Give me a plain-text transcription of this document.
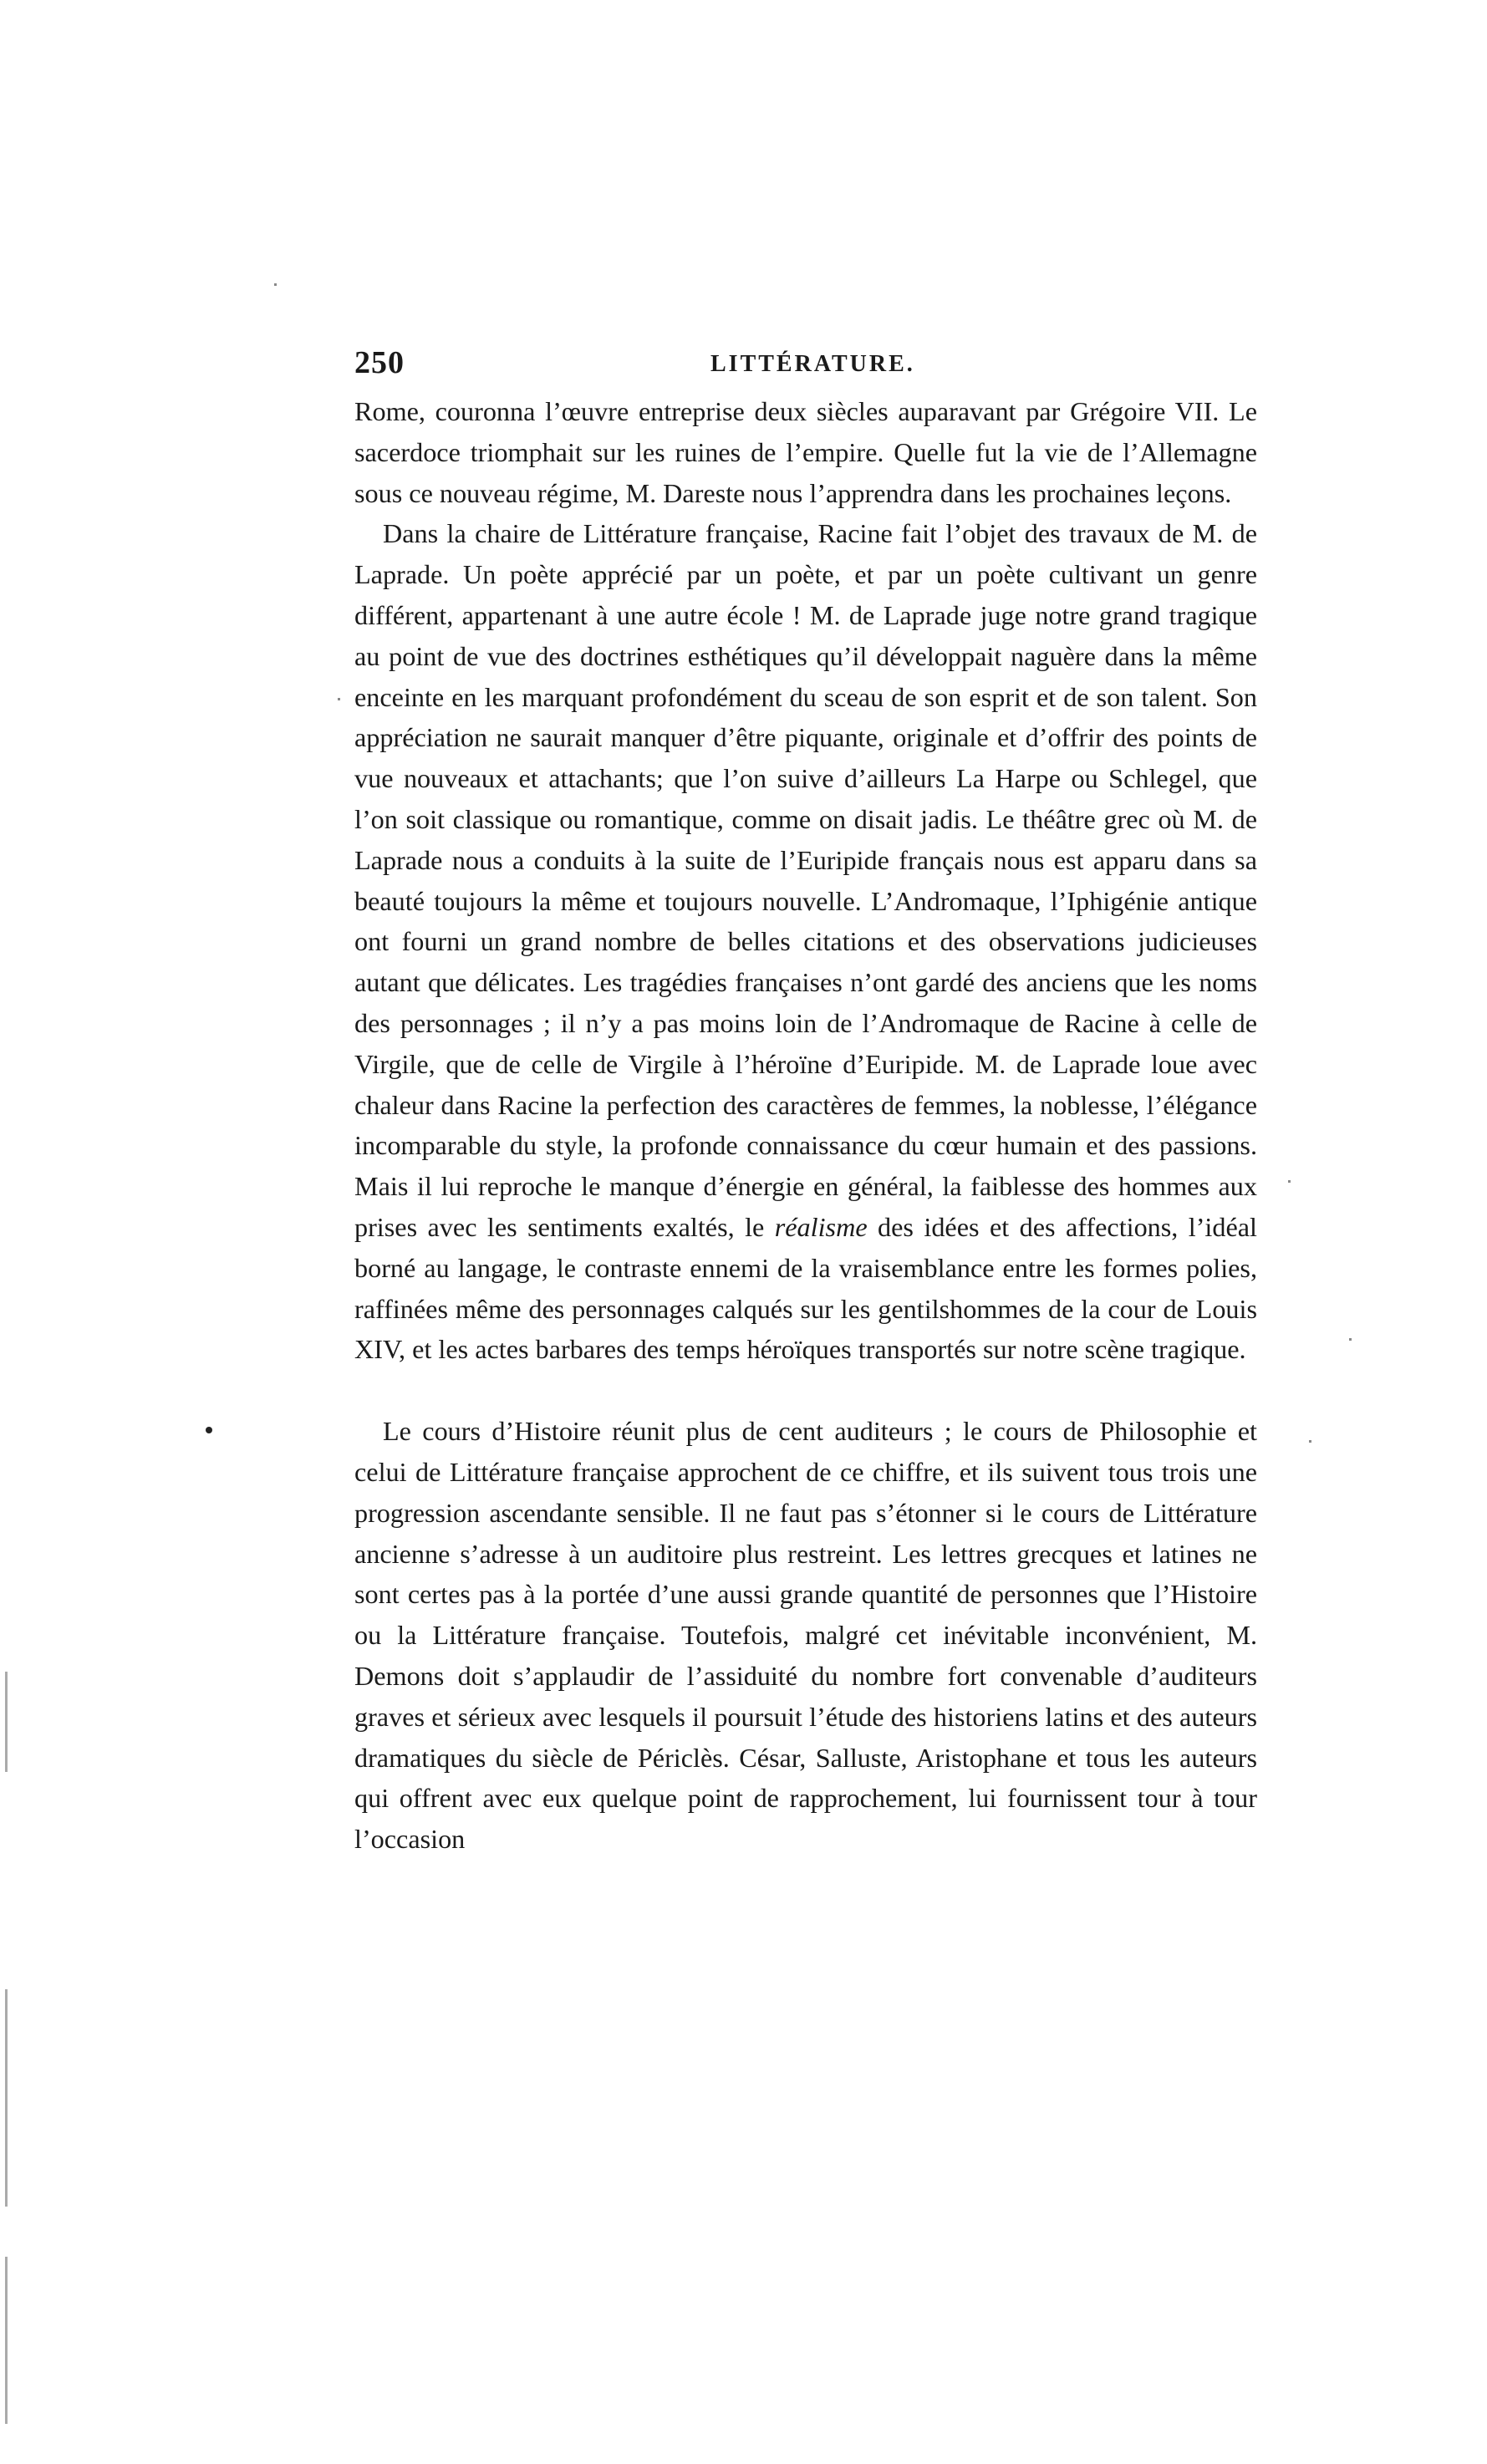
250	LITTÉRATURE.

Rome, couronna l’œuvre entreprise deux siècles auparavant par Grégoire VII. Le sacerdoce triomphait sur les ruines de l’empire. Quelle fut la vie de l’Allemagne sous ce nouveau régime, M. Dareste nous l’apprendra dans les prochaines leçons.

Dans la chaire de Littérature française, Racine fait l’objet des travaux de M. de Laprade. Un poète apprécié par un poète, et par un poète cultivant un genre différent, appartenant à une autre école ! M. de Laprade juge notre grand tragique au point de vue des doctrines esthétiques qu’il développait naguère dans la même enceinte en les marquant profondément du sceau de son esprit et de son talent. Son appréciation ne saurait manquer d’être piquante, originale et d’offrir des points de vue nouveaux et attachants; que l’on suive d’ailleurs La Harpe ou Schlegel, que l’on soit classique ou romantique, comme on disait jadis. Le théâtre grec où M. de Laprade nous a conduits à la suite de l’Euripide français nous est apparu dans sa beauté toujours la même et toujours nouvelle. L’Andromaque, l’Iphigénie antique ont fourni un grand nombre de belles citations et des observations judicieuses autant que délicates. Les tragédies françaises n’ont gardé des anciens que les noms des personnages ; il n’y a pas moins loin de l’Andromaque de Racine à celle de Virgile, que de celle de Virgile à l’héroïne d’Euripide. M. de Laprade loue avec chaleur dans Racine la perfection des caractères de femmes, la noblesse, l’élégance incomparable du style, la profonde connaissance du cœur humain et des passions. Mais il lui reproche le manque d’énergie en général, la faiblesse des hommes aux prises avec les sentiments exaltés, le réalisme des idées et des affections, l’idéal borné au langage, le contraste ennemi de la vraisemblance entre les formes polies, raffinées même des personnages calqués sur les gentilshommes de la cour de Louis XIV, et les actes barbares des temps héroïques transportés sur notre scène tragique.

Le cours d’Histoire réunit plus de cent auditeurs ; le cours de Philosophie et celui de Littérature française approchent de ce chiffre, et ils suivent tous trois une progression ascendante sensible. Il ne faut pas s’étonner si le cours de Littérature ancienne s’adresse à un auditoire plus restreint. Les lettres grecques et latines ne sont certes pas à la portée d’une aussi grande quantité de personnes que l’Histoire ou la Littérature française. Toutefois, malgré cet inévitable inconvénient, M. Demons doit s’applaudir de l’assiduité du nombre fort convenable d’auditeurs graves et sérieux avec lesquels il poursuit l’étude des historiens latins et des auteurs dramatiques du siècle de Périclès. César, Salluste, Aristophane et tous les auteurs qui offrent avec eux quelque point de rapprochement, lui fournissent tour à tour l’occasion
